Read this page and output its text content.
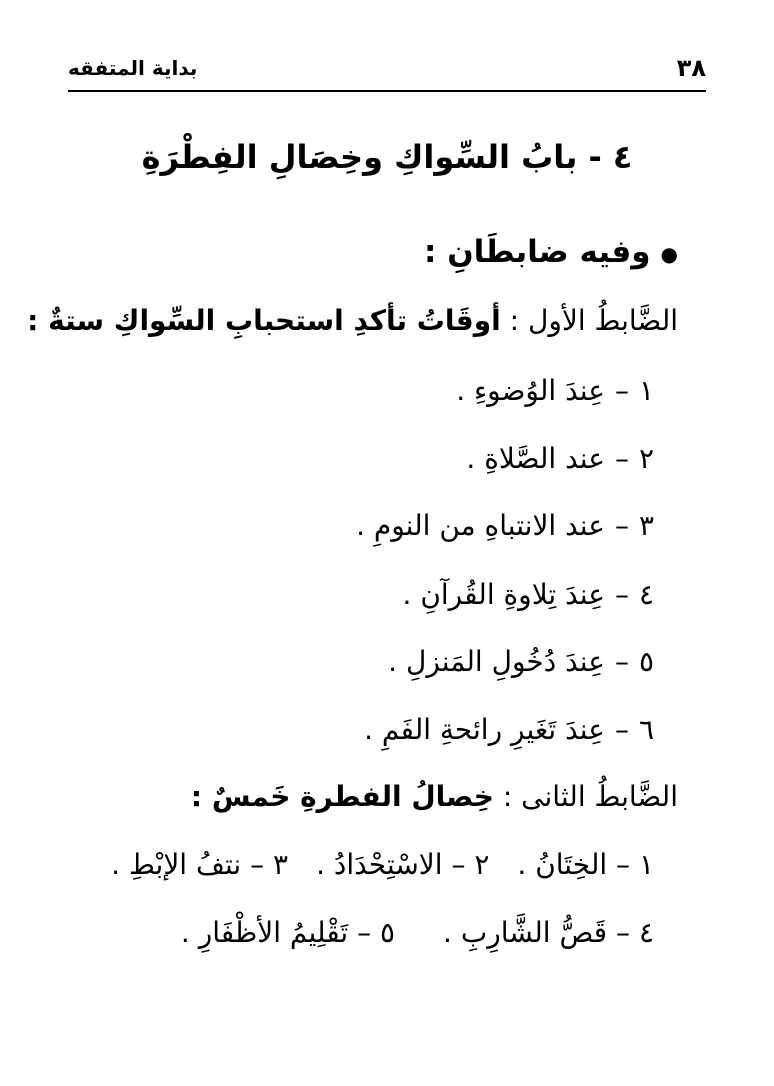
٣٨
بداية المتفقه
٤ - بابُ السِّواكِ وخِصَالِ الفِطْرَةِ
●وفيه ضابطَانِ :
الضَّابطُ الأول : أوقَاتُ تأكدِ استحبابِ السِّواكِ ستةٌ :
١–عِندَ الوُضوءِ .
٢–عند الصَّلاةِ .
٣–عند الانتباهِ من النومِ .
٤–عِندَ تِلاوةِ القُرآنِ .
٥–عِندَ دُخُولِ المَنزلِ .
٦–عِندَ تَغَيرِ رائحةِ الفَمِ .
الضَّابطُ الثانى : خِصالُ الفطرةِ خَمسٌ :
١ – الخِتَانُ .٢ – الاسْتِحْدَادُ .٣ – نتفُ الإبْطِ .
٤ – قَصُّ الشَّارِبِ .٥ – تَقْلِيمُ الأظْفَارِ .
